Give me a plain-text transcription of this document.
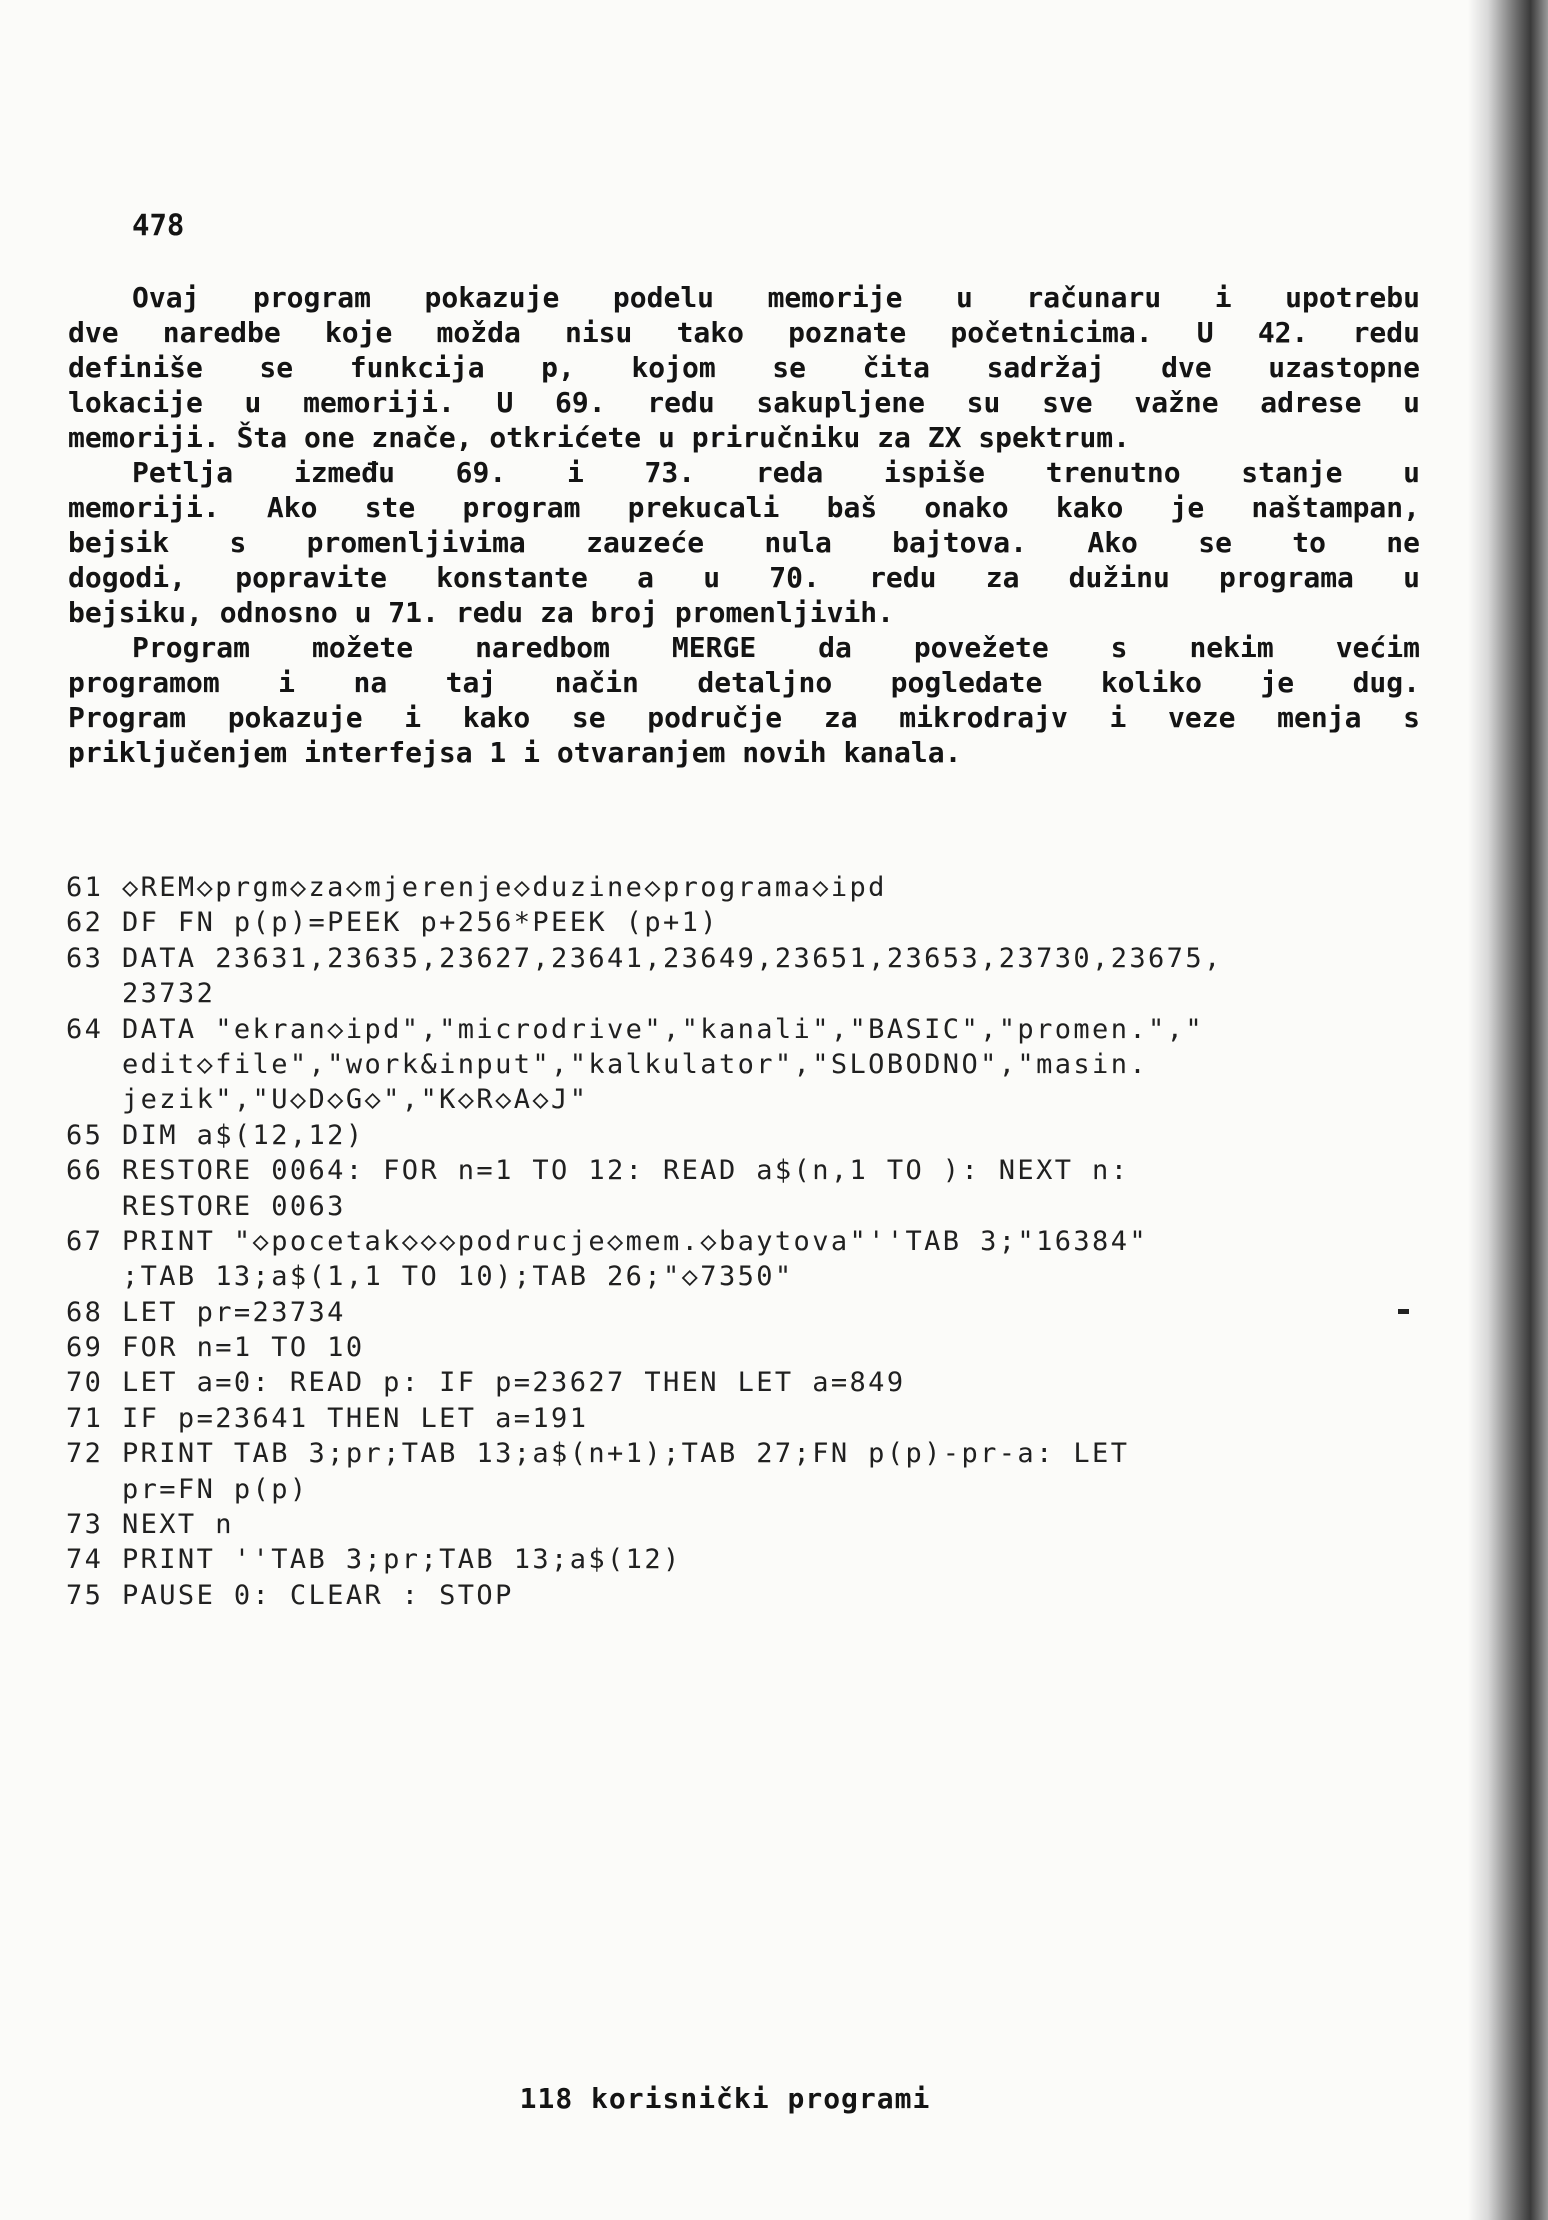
478
Ovaj program pokazuje podelu memorije u računaru i upotrebu
dve naredbe koje možda nisu tako poznate početnicima. U 42. redu
definiše se funkcija p, kojom se čita sadržaj dve uzastopne
lokacije u memoriji. U 69. redu sakupljene su sve važne adrese u
memoriji. Šta one znače, otkrićete u priručniku za ZX spektrum.
Petlja između 69. i 73. reda ispiše trenutno stanje u
memoriji. Ako ste program prekucali baš onako kako je naštampan,
bejsik s promenljivima zauzeće nula bajtova. Ako se to ne
dogodi, popravite konstante a u 70. redu za dužinu programa u
bejsiku, odnosno u 71. redu za broj promenljivih.
Program možete naredbom MERGE da povežete s nekim većim
programom i na taj način detaljno pogledate koliko je dug.
Program pokazuje i kako se područje za mikrodrajv i veze menja s
priključenjem interfejsa 1 i otvaranjem novih kanala.
61 ◇REM◇prgm◇za◇mjerenje◇duzine◇programa◇ipd
62 DF FN p(p)=PEEK p+256*PEEK (p+1)
63 DATA 23631,23635,23627,23641,23649,23651,23653,23730,23675,
23732
64 DATA "ekran◇ipd","microdrive","kanali","BASIC","promen.","
edit◇file","work&input","kalkulator","SLOBODNO","masin.
jezik","U◇D◇G◇","K◇R◇A◇J"
65 DIM a$(12,12)
66 RESTORE 0064: FOR n=1 TO 12: READ a$(n,1 TO ): NEXT n:
RESTORE 0063
67 PRINT "◇pocetak◇◇◇podrucje◇mem.◇baytova"''TAB 3;"16384"
;TAB 13;a$(1,1 TO 10);TAB 26;"◇7350"
68 LET pr=23734
69 FOR n=1 TO 10
70 LET a=0: READ p: IF p=23627 THEN LET a=849
71 IF p=23641 THEN LET a=191
72 PRINT TAB 3;pr;TAB 13;a$(n+1);TAB 27;FN p(p)-pr-a: LET
pr=FN p(p)
73 NEXT n
74 PRINT ''TAB 3;pr;TAB 13;a$(12)
75 PAUSE 0: CLEAR : STOP
118 korisnički programi
